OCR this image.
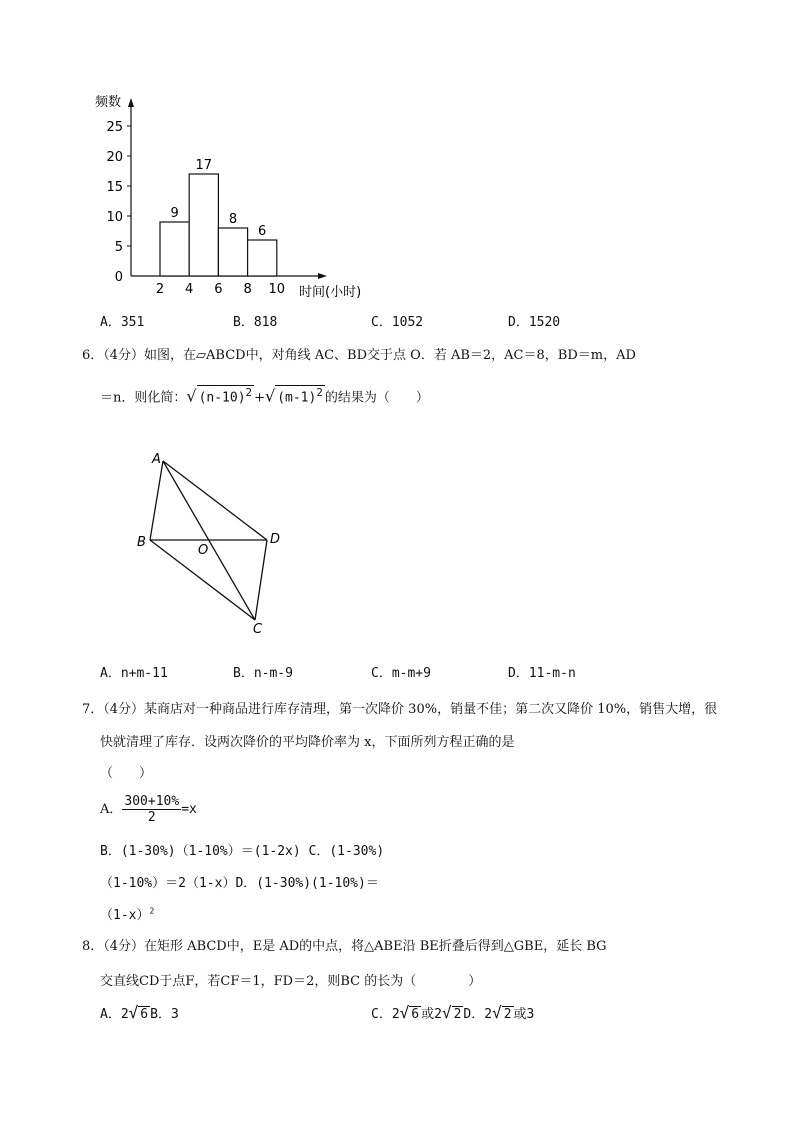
0
5
10
15
20
25
2 4 6 8 10
9
17
8
6
频数
时间(小时)
A．351	B．818	C．1052	D．1520
6．（4分）如图，在▱ABCD中，对角线 AC、BD交于点 O．若 AB＝2，AC＝8，BD＝m，AD
＝n．则化简：√ $(n-10)^2$ +√ $(m-1)^2$ 的结果为（　　）
A
B
O
D
C
A．n+m-11	B．n-m-9	C．m-m+9	D．11-m-n
7．（4分）某商店对一种商品进行库存清理，第一次降价 30%，销量不佳；第二次又降价 10%，销售大增，很
快就清理了库存．设两次降价的平均降价率为 x，下面所列方程正确的是
（　　）
A． $\frac{300+10\%}{2} =x$
B．(1-30%)（1-10%）＝(1-2x) C．(1-30%)
（1-10%）＝2（1-x）D．(1-30%)(1-10%)＝
$(1-x)^2$
8．（4分）在矩形 ABCD中，E是 AD的中点，将△ABE沿 BE折叠后得到△GBE，延长 BG
交直线CD于点F，若CF＝1，FD＝2，则BC 的长为（　　　　）
A．2√ 6 B．3	C．2√ 6 或2√ 2 D．2√ 2 或3
